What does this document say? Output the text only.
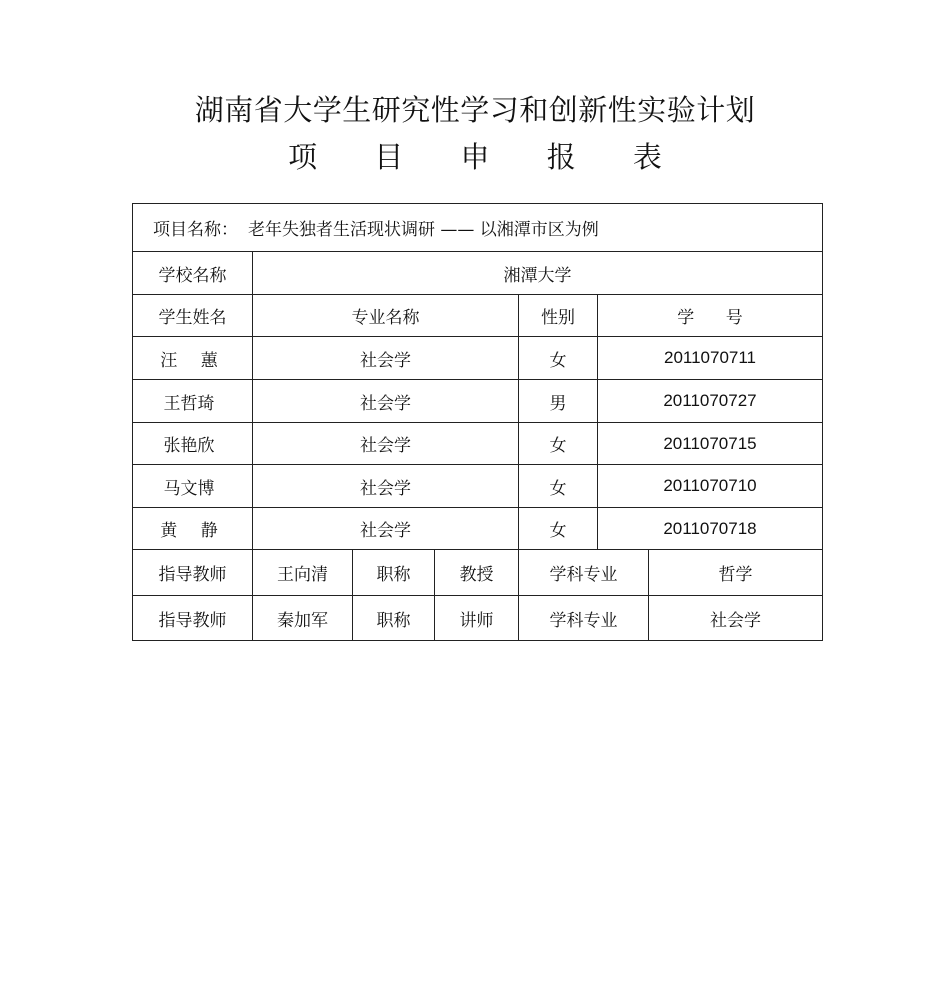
湖南省大学生研究性学习和创新性实验计划
项 目 申 报 表
项目名称： 老年失独者生活现状调研 —— 以湘潭市区为例
学校名称	湘潭大学
学生姓名	专业名称	性别	学 号
汪 蕙	社会学	女	2011070711
王哲琦	社会学	男	2011070727
张艳欣	社会学	女	2011070715
马文博	社会学	女	2011070710
黄 静	社会学	女	2011070718
指导教师	王向清	职称	教授	学科专业	哲学
指导教师	秦加军	职称	讲师	学科专业	社会学
